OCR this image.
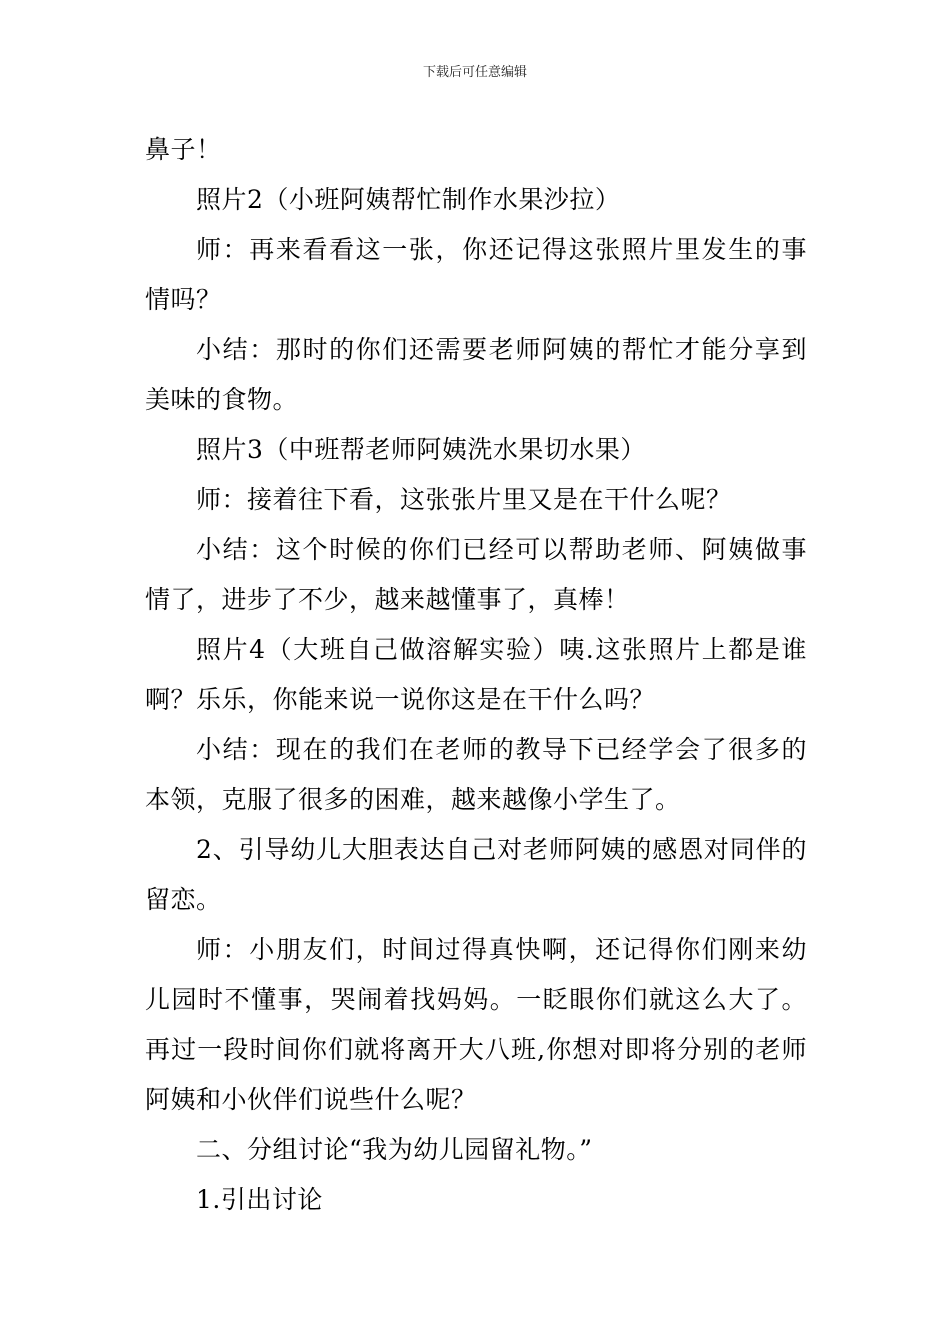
下载后可任意编辑

鼻子！

照片2（小班阿姨帮忙制作水果沙拉）

师：再来看看这一张，你还记得这张照片里发生的事情吗？

小结：那时的你们还需要老师阿姨的帮忙才能分享到美味的食物。

照片3（中班帮老师阿姨洗水果切水果）

师：接着往下看，这张张片里又是在干什么呢？

小结：这个时候的你们已经可以帮助老师、阿姨做事情了，进步了不少，越来越懂事了，真棒！

照片4（大班自己做溶解实验）咦.这张照片上都是谁啊？乐乐，你能来说一说你这是在干什么吗？

小结：现在的我们在老师的教导下已经学会了很多的本领，克服了很多的困难，越来越像小学生了。

2、引导幼儿大胆表达自己对老师阿姨的感恩对同伴的留恋。

师：小朋友们，时间过得真快啊，还记得你们刚来幼儿园时不懂事，哭闹着找妈妈。一眨眼你们就这么大了。再过一段时间你们就将离开大八班,你想对即将分别的老师阿姨和小伙伴们说些什么呢？

二、分组讨论“我为幼儿园留礼物。”

1.引出讨论
